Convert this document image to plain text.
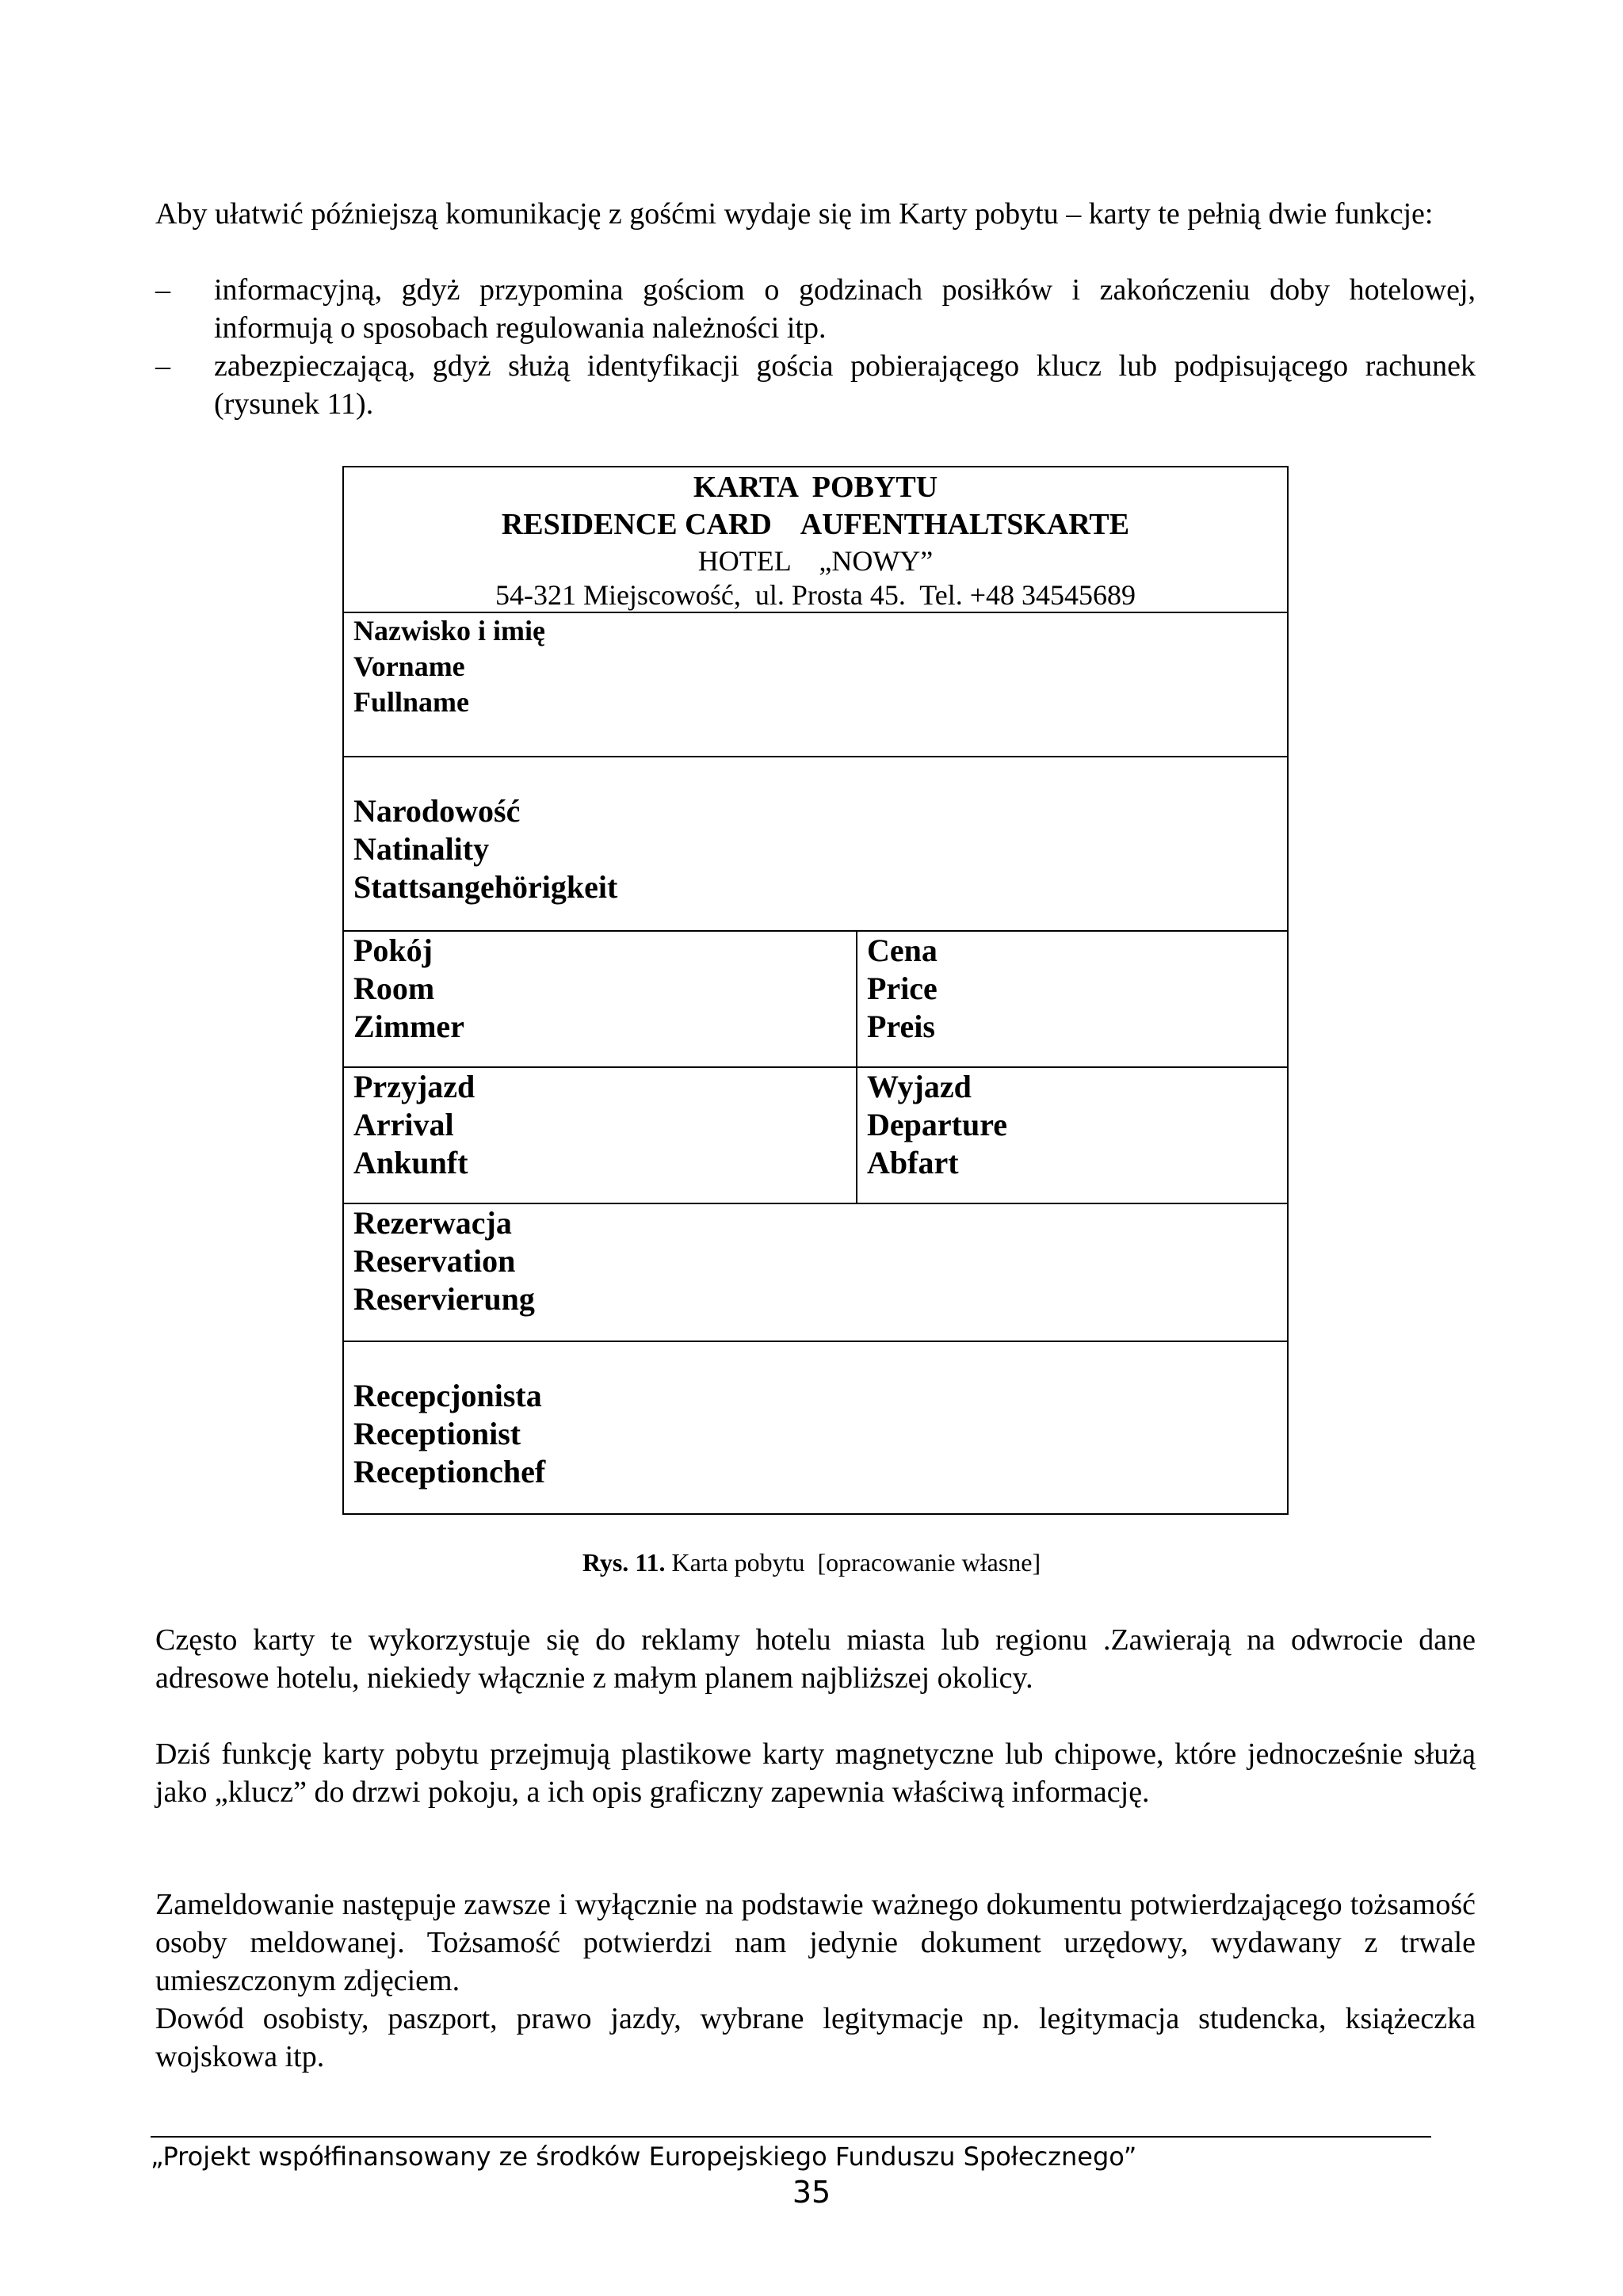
Aby ułatwić późniejszą komunikację z gośćmi wydaje się im Karty pobytu – karty te pełnią dwie funkcje:

– informacyjną, gdyż przypomina gościom o godzinach posiłków i zakończeniu doby hotelowej, informują o sposobach regulowania należności itp.
– zabezpieczającą, gdyż służą identyfikacji gościa pobierającego klucz lub podpisującego rachunek (rysunek 11).
KARTA  POBYTU
RESIDENCE CARD    AUFENTHALTSKARTE
HOTEL    „NOWY”
54-321 Miejscowość,  ul. Prosta 45.  Tel. +48 34545689
Nazwisko i imię
Vorname
Fullname
Narodowość
Natinality
Stattsangehörigkeit
Pokój
Room
Zimmer
Cena
Price
Preis
Przyjazd
Arrival
Ankunft
Wyjazd
Departure
Abfart
Rezerwacja
Reservation
Reservierung
Recepcjonista
Receptionist
Receptionchef
Rys. 11. Karta pobytu  [opracowanie własne]

Często karty te wykorzystuje się do reklamy hotelu miasta lub regionu .Zawierają na odwrocie dane adresowe hotelu, niekiedy włącznie z małym planem najbliższej okolicy.

Dziś funkcję karty pobytu przejmują plastikowe karty magnetyczne lub chipowe, które jednocześnie służą jako „klucz” do drzwi pokoju, a ich opis graficzny zapewnia właściwą informację.

Zameldowanie następuje zawsze i wyłącznie na podstawie ważnego dokumentu potwierdzającego tożsamość osoby meldowanej. Tożsamość potwierdzi nam jedynie dokument urzędowy, wydawany z trwale umieszczonym zdjęciem.

Dowód osobisty, paszport, prawo jazdy, wybrane legitymacje np. legitymacja studencka, książeczka wojskowa itp.

„Projekt współfinansowany ze środków Europejskiego Funduszu Społecznego”
35
